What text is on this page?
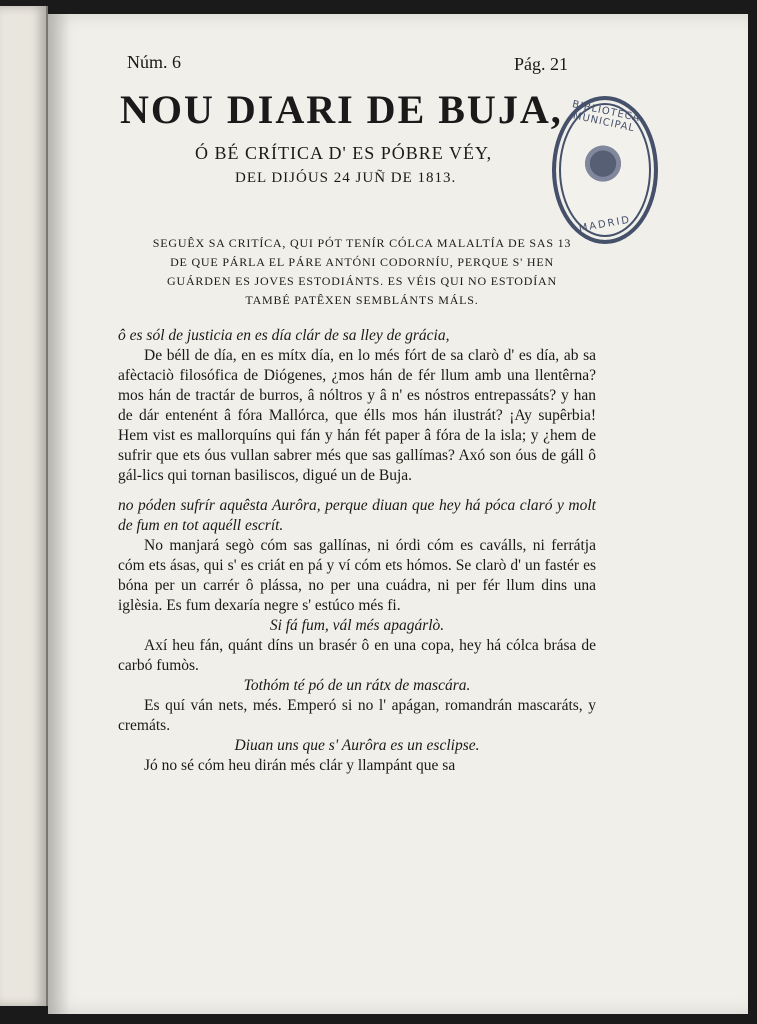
Núm. 6	Pág. 21
NOU DIARI DE BUJA,
Ó BÉ CRÍTICA D' ES PÓBRE VÉY,
DEL DIJÓUS 24 JUÑ DE 1813.
SEGUÊX SA CRITÍCA, QUI PÓT TENÍR CÓLCA MALALTÍA DE SAS 13
DE QUE PÁRLA EL PÁRE ANTÓNI CODORNÍU, PERQUE S' HEN
GUÁRDEN ES JOVES ESTODIÁNTS. ES VÉIS QUI NO ESTODÍAN
TAMBÉ PATÊXEN SEMBLÁNTS MÁLS.
BIBLIOTECA MUNICIPAL
MADRID

ô es sól de justicia en es día clár de sa lley de grácia,

De béll de día, en es mítx día, en lo més fórt de sa clarò d' es día, ab sa afèctaciò filosófica de Diógenes, ¿mos hán de fér llum amb una llentêrna? mos hán de tractár de burros, â nóltros y â n' es nóstros entrepassáts? y han de dár entenént â fóra Mallórca, que élls mos hán ilustrát? ¡Ay supêrbia! Hem vist es mallorquíns qui fán y hán fét paper â fóra de la isla; y ¿hem de sufrir que ets óus vullan sabrer més que sas gallímas? Axó son óus de gáll ô gál-lics qui tornan basiliscos, digué un de Buja.

no póden sufrír aquêsta Aurôra, perque diuan que hey há póca claró y molt de fum en tot aquéll escrít.

No manjará segò cóm sas gallínas, ni órdi cóm es caválls, ni ferrátja cóm ets ásas, qui s' es criát en pá y ví cóm ets hómos. Se clarò d' un fastér es bóna per un carrér ô plássa, no per una cuádra, ni per fér llum dins una iglèsia. Es fum dexaría negre s' estúco més fi.

Si fá fum, vál més apagárlò.

Axí heu fán, quánt díns un brasér ô en una copa, hey há cólca brása de carbó fumòs.

Tothóm té pó de un rátx de mascára.

Es quí ván nets, més. Emperó si no l' apágan, romandrán mascaráts, y cremáts.

Diuan uns que s' Aurôra es un esclipse.

Jó no sé cóm heu dirán més clár y llampánt que sa
